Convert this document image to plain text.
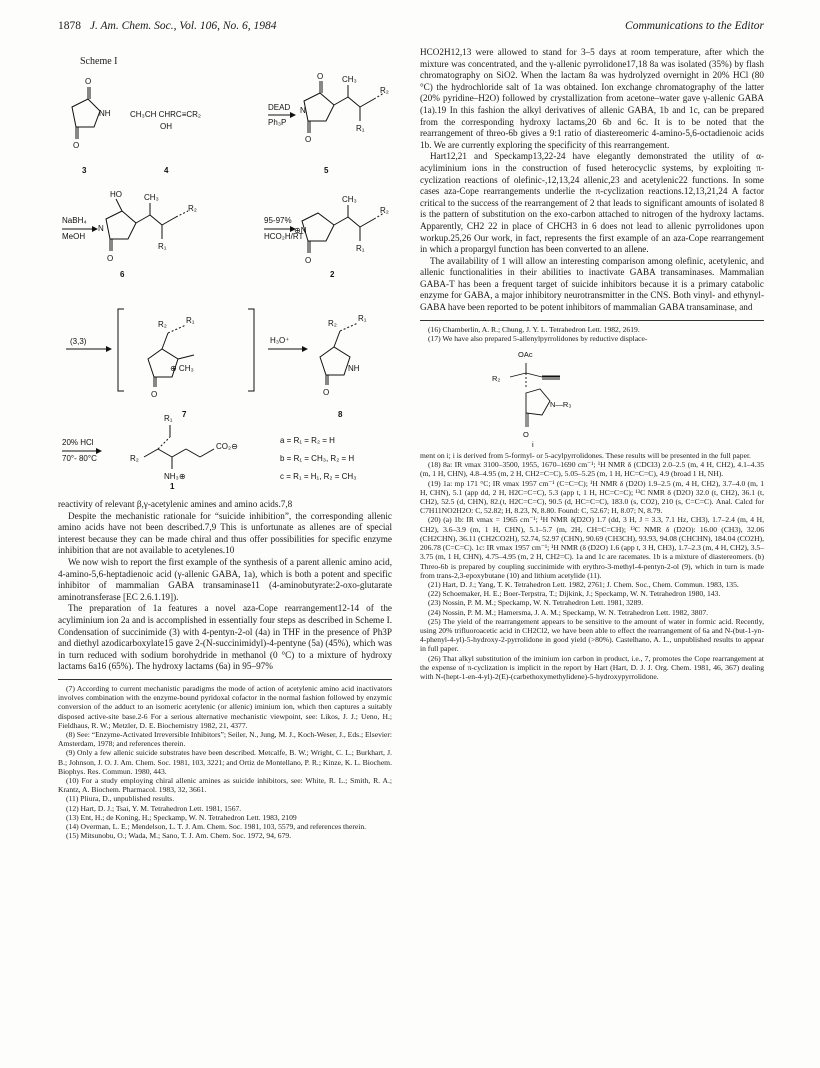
1878 J. Am. Chem. Soc., Vol. 106, No. 6, 1984	Communications to the Editor
Scheme I
O
O
NH
3
CH₃CH CHRC≡CR₂
OH
4
DEAD
Ph₃P
O
O
N
CH₃
R₂
R₁
5
NaBH₄
MeOH
HO
N
O
CH₃
R₂
R₁
6
95-97%
HCO₂H/RT
⊕N
O
CH₃
R₂
R₁
2
(3,3)
R₂ R₁
⊕ CH₃
O
7
H₃O⁺
R₂
R₁
NH
O
8
20% HCl
70°- 80°C
R₁
R₂
CO₂⊖
NH₃⊕
1
a = R₁ = R₂ = H
b = R₁ = CH₃, R₂ = H
c = R₁ = H₁, R₂ = CH₃

reactivity of relevant β,γ-acetylenic amines and amino acids.7,8

Despite the mechanistic rationale for “suicide inhibition”, the corresponding allenic amino acids have not been described.7,9 This is unfortunate as allenes are of special interest because they can be made chiral and thus offer possibilities for specific enzyme inhibition that are not available to acetylenes.10

We now wish to report the first example of the synthesis of a parent allenic amino acid, 4-amino-5,6-heptadienoic acid (γ-allenic GABA, 1a), which is both a potent and specific inhibitor of mammalian GABA transaminase11 (4-aminobutyrate:2-oxo-glutarate aminotransferase [EC 2.6.1.19]).

The preparation of 1a features a novel aza-Cope rearrangement12-14 of the acyliminium ion 2a and is accomplished in essentially four steps as described in Scheme I. Condensation of succinimide (3) with 4-pentyn-2-ol (4a) in THF in the presence of Ph3P and diethyl azodicarboxylate15 gave 2-(N-succinimidyl)-4-pentyne (5a) (45%), which was in turn reduced with sodium borohydride in methanol (0 °C) to a mixture of hydroxy lactams 6a16 (65%). The hydroxy lactams (6a) in 95–97%

(7) According to current mechanistic paradigms the mode of action of acetylenic amino acid inactivators involves combination with the enzyme-bound pyridoxal cofactor in the normal fashion followed by enzymic conversion of the adduct to an isomeric acetylenic (or allenic) iminium ion, which then captures a suitably disposed active-site base.2-6 For a serious alternative mechanistic viewpoint, see: Likos, J. J.; Ueno, H.; Fieldhaus, R. W.; Metzler, D. E. Biochemistry 1982, 21, 4377.

(8) See: “Enzyme-Activated Irreversible Inhibitors”; Seiler, N., Jung, M. J., Koch-Weser, J., Eds.; Elsevier: Amsterdam, 1978; and references therein.

(9) Only a few allenic suicide substrates have been described. Metcalfe, B. W.; Wright, C. L.; Burkhart, J. B.; Johnson, J. O. J. Am. Chem. Soc. 1981, 103, 3221; and Ortiz de Montellano, P. R.; Kinze, K. L. Biochem. Biophys. Res. Commun. 1980, 443.

(10) For a study employing chiral allenic amines as suicide inhibitors, see: White, R. L.; Smith, R. A.; Krantz, A. Biochem. Pharmacol. 1983, 32, 3661.

(11) Pliura, D., unpublished results.

(12) Hart, D. J.; Tsai, Y. M. Tetrahedron Lett. 1981, 1567.

(13) Ent, H.; de Koning, H.; Speckamp, W. N. Tetrahedron Lett. 1983, 2109

(14) Overman, L. E.; Mendelson, L. T. J. Am. Chem. Soc. 1981, 103, 5579, and references therein.

(15) Mitsunobu, O.; Wada, M.; Sano, T. J. Am. Chem. Soc. 1972, 94, 679.

HCO2H12,13 were allowed to stand for 3–5 days at room temperature, after which the mixture was concentrated, and the γ-allenic pyrrolidone17,18 8a was isolated (35%) by flash chromatography on SiO2. When the lactam 8a was hydrolyzed overnight in 20% HCl (80 °C) the hydrochloride salt of 1a was obtained. Ion exchange chromatography of the latter (20% pyridine–H2O) followed by crystallization from acetone–water gave γ-allenic GABA (1a).19 In this fashion the alkyl derivatives of allenic GABA, 1b and 1c, can be prepared from the corresponding hydroxy lactams,20 6b and 6c. It is to be noted that the rearrangement of threo-6b gives a 9:1 ratio of diastereomeric 4-amino-5,6-octadienoic acids 1b. We are currently exploring the specificity of this rearrangement.

Hart12,21 and Speckamp13,22-24 have elegantly demonstrated the utility of α-acyliminium ions in the construction of fused heterocyclic systems, by exploiting π-cyclization reactions of olefinic-,12,13,24 allenic,23 and acetylenic22 functions. In some cases aza-Cope rearrangements underlie the π-cyclization reactions.12,13,21,24 A factor critical to the success of the rearrangement of 2 that leads to significant amounts of isolated 8 is the pattern of substitution on the exo-carbon attached to nitrogen of the hydroxy lactams. Apparently, CH2 22 in place of CHCH3 in 6 does not lead to allenic pyrrolidones upon workup.25,26 Our work, in fact, represents the first example of an aza-Cope rearrangement in which a propargyl function has been converted to an allene.

The availability of 1 will allow an interesting comparison among olefinic, acetylenic, and allenic functionalities in their abilities to inactivate GABA transaminases. Mammalian GABA-T has been a frequent target of suicide inhibitors because it is a primary catabolic enzyme for GABA, a major inhibitory neurotransmitter in the CNS. Both vinyl- and ethynyl-GABA have been reported to be potent inhibitors of mammalian GABA transaminase, and

(16) Chamberlin, A. R.; Chung, J. Y. L. Tetrahedron Lett. 1982, 2619.

(17) We have also prepared 5-allenylpyrrolidones by reductive displace-

OAc
R₂
N—R₃
O
i

ment on i; i is derived from 5-formyl- or 5-acylpyrrolidones. These results will be presented in the full paper.

(18) 8a: IR νmax 3100–3500, 1955, 1670–1690 cm⁻¹; ¹H NMR δ (CDCl3) 2.0–2.5 (m, 4 H, CH2), 4.1–4.35 (m, 1 H, CHN), 4.8–4.95 (m, 2 H, CH2=C=C), 5.05–5.25 (m, 1 H, HC=C=C), 4.9 (broad 1 H, NH).

(19) 1a: mp 171 °C; IR νmax 1957 cm⁻¹ (C=C=C); ¹H NMR δ (D2O) 1.9–2.5 (m, 4 H, CH2), 3.7–4.0 (m, 1 H, CHN), 5.1 (app dd, 2 H, H2C=C=C), 5.3 (app t, 1 H, HC=C=C); ¹³C NMR δ (D2O) 32.0 (t, CH2), 36.1 (t, CH2), 52.5 (d, CHN), 82.(t, H2C=C=C), 90.5 (d, HC=C=C), 183.0 (s, CO2), 210 (s, C=C=C). Anal. Calcd for C7H11NO2H2O: C, 52.82; H, 8.23, N, 8.80. Found: C, 52.67; H, 8.07; N, 8.79.

(20) (a) 1b: IR νmax = 1965 cm⁻¹; ¹H NMR δ(D2O) 1.7 (dd, 3 H, J = 3.3, 7.1 Hz, CH3), 1.7–2.4 (m, 4 H, CH2), 3.6–3.9 (m, 1 H, CHN), 5.1–5.7 (m, 2H, CH=C=CH); ¹³C NMR δ (D2O): 16.00 (CH3), 32.06 (CH2CHN), 36.11 (CH2CO2H), 52.74, 52.97 (CHN), 90.69 (CH3CH), 93.93, 94.08 (CHCHN), 184.04 (CO2H), 206.78 (C=C=C). 1c: IR νmax 1957 cm⁻¹; ¹H NMR (δ (D2O) 1.6 (app t, 3 H, CH3), 1.7–2.3 (m, 4 H, CH2), 3.5–3.75 (m, 1 H, CHN), 4.75–4.95 (m, 2 H, CH2=C). 1a and 1c are racemates. 1b is a mixture of diastereomers. (b) Threo-6b is prepared by coupling succinimide with erythro-3-methyl-4-pentyn-2-ol (9), which in turn is made from trans-2,3-epoxybutane (10) and lithium acetylide (11).

(21) Hart, D. J.; Yang, T. K. Tetrahedron Lett. 1982, 2761; J. Chem. Soc., Chem. Commun. 1983, 135.

(22) Schoemaker, H. E.; Boer-Terpstra, T.; Dijkink, J.; Speckamp, W. N. Tetrahedron 1980, 143.

(23) Nossin, P. M. M.; Speckamp, W. N. Tetrahedron Lett. 1981, 3289.

(24) Nossin, P. M. M.; Hamersma, J. A. M.; Speckamp, W. N. Tetrahedron Lett. 1982, 3807.

(25) The yield of the rearrangement appears to be sensitive to the amount of water in formic acid. Recently, using 20% trifluoroacetic acid in CH2Cl2, we have been able to effect the rearrangement of 6a and N-(but-1-yn-4-phenyl-4-yl)-5-hydroxy-2-pyrrolidone in good yield (>80%). Castelhano, A. L., unpublished results to appear in full paper.

(26) That alkyl substitution of the iminium ion carbon in product, i.e., 7, promotes the Cope rearrangement at the expense of π-cyclization is implicit in the report by Hart (Hart, D. J. J. Org. Chem. 1981, 46, 367) dealing with N-(hept-1-en-4-yl)-2(E)-(carbethoxymethylidene)-5-hydroxypyrrolidone.
